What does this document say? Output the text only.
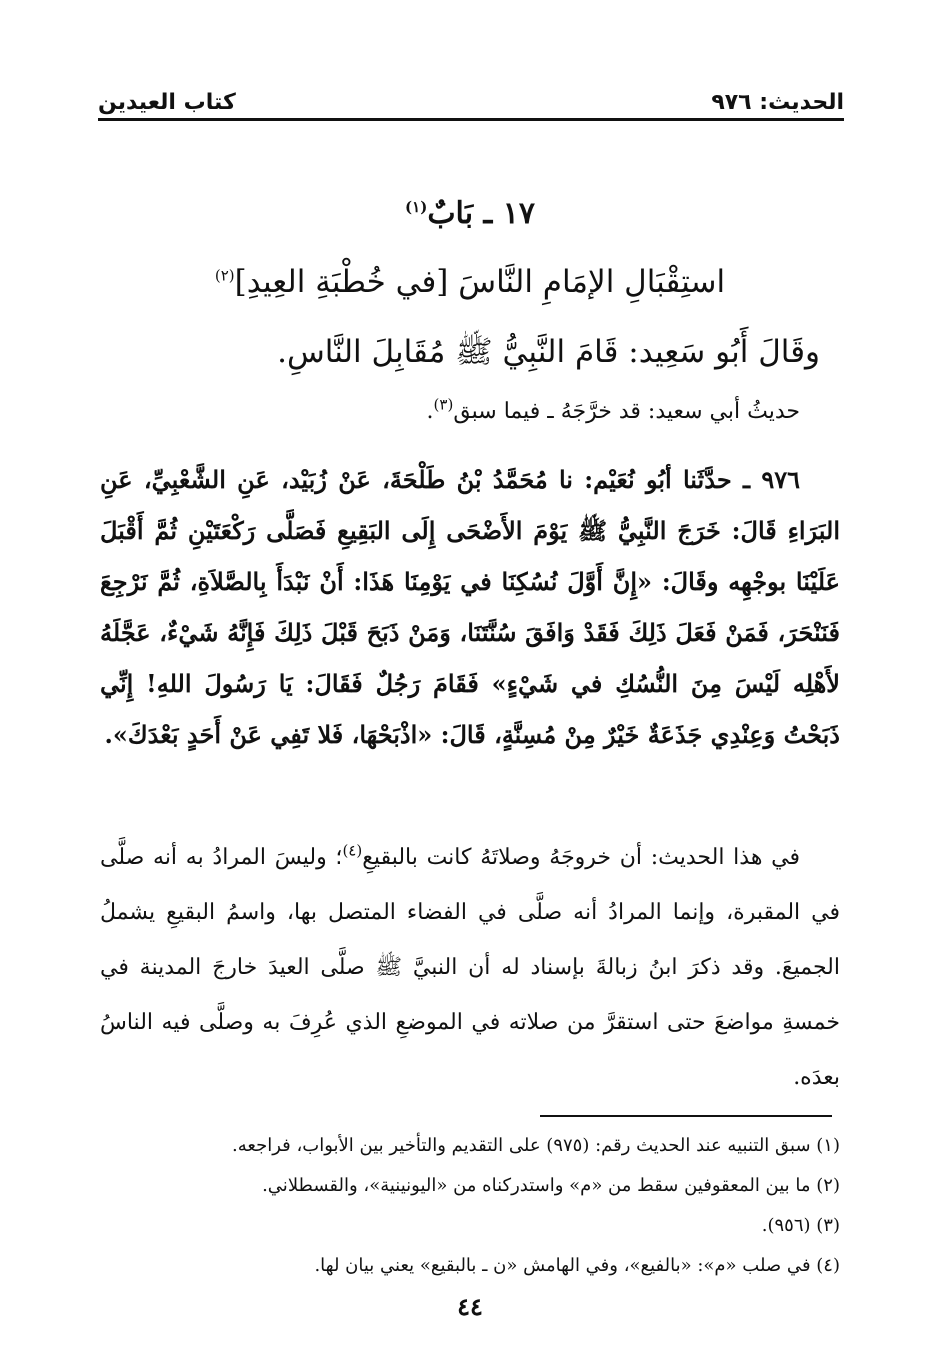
الحديث: ٩٧٦
كتاب العيدين
١٧ ـ بَابٌ$^{(١)}$
استِقْبَالِ الإمَامِ النَّاسَ [في خُطْبَةِ العِيدِ]$^{(٢)}$
وقَالَ أَبُو سَعِيد: قَامَ النَّبِيُّ ﷺ مُقَابِلَ النَّاسِ.
حديثُ أبي سعيد: قد خرَّجَهُ ـ فيما سبق$^{(٣)}$.
٩٧٦ ـ حدَّثَنا أبُو نُعَيْم: نا مُحَمَّدُ بْنُ طَلْحَةَ، عَنْ زُبَيْد، عَنِ الشَّعْبِيِّ، عَنِ البَرَاءِ قَالَ: خَرَجَ النَّبِيُّ ﷺ يَوْمَ الأَضْحَى إِلَى البَقِيعِ فَصَلَّى رَكْعَتَيْنِ ثُمَّ أَقْبَلَ عَلَيْنَا بوجْهِه وقَالَ: «إِنَّ أَوَّلَ نُسُكِنَا في يَوْمِنَا هَذَا: أَنْ نَبْدَأَ بِالصَّلاَةِ، ثُمَّ نَرْجِعَ فَنَنْحَرَ، فَمَنْ فَعَلَ ذَلِكَ فَقَدْ وَافَقَ سُنَّتَنَا، وَمَنْ ذَبَحَ قَبْلَ ذَلِكَ فَإِنَّهُ شَيْءٌ، عَجَّلَهُ لأَهْلِه لَيْسَ مِنَ النُّسُكِ في شَيْءٍ» فَقَامَ رَجُلٌ فَقَالَ: يَا رَسُولَ اللهِ! إِنِّي ذَبَحْتُ وَعِنْدِي جَذَعَةٌ خَيْرٌ مِنْ مُسِنَّةٍ، قَالَ: «اذْبَحْهَا، فَلا تَفِي عَنْ أَحَدٍ بَعْدَكَ».
في هذا الحديث: أن خروجَهُ وصلاتَهُ كانت بالبقيعِ$^{(٤)}$؛ وليسَ المرادُ به أنه صلَّى في المقبرة، وإنما المرادُ أنه صلَّى في الفضاء المتصل بها، واسمُ البقيعِ يشملُ الجميعَ. وقد ذكرَ ابنُ زبالةَ بإسناد له أن النبيَّ ﷺ صلَّى العيدَ خارجَ المدينة في خمسةِ مواضعَ حتى استقرَّ من صلاته في الموضعِ الذي عُرِفَ به وصلَّى فيه الناسُ بعدَه.
(١) سبق التنبيه عند الحديث رقم: (٩٧٥) على التقديم والتأخير بين الأبواب، فراجعه.
(٢) ما بين المعقوفين سقط من «م» واستدركناه من «اليونينية»، والقسطلاني.
(٣) (٩٥٦).
(٤) في صلب «م»: «بالفيع»، وفي الهامش «ن ـ بالبقيع» يعني بيان لها.
٤٤
